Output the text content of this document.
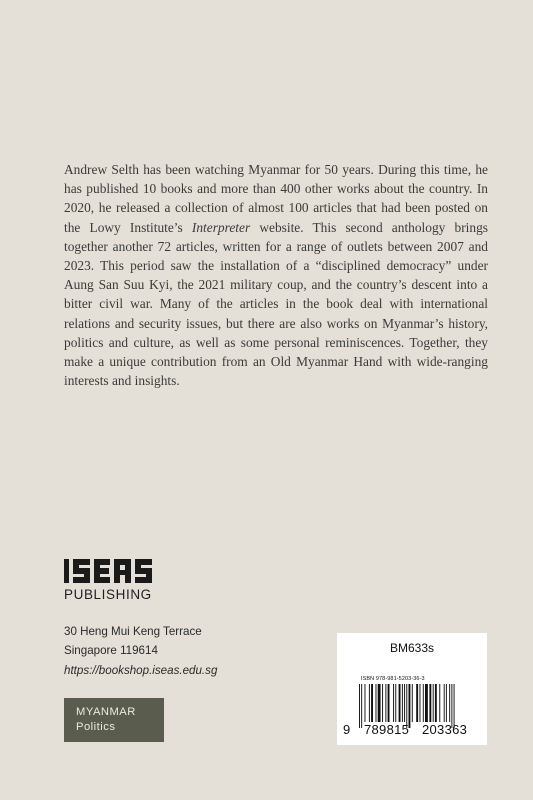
Andrew Selth has been watching Myanmar for 50 years. During this time, he has published 10 books and more than 400 other works about the country. In 2020, he released a collection of almost 100 articles that had been posted on the Lowy Institute’s Interpreter website. This second anthology brings together another 72 articles, written for a range of outlets between 2007 and 2023. This period saw the installation of a “disciplined democracy” under Aung San Suu Kyi, the 2021 military coup, and the country’s descent into a bitter civil war. Many of the articles in the book deal with international relations and security issues, but there are also works on Myanmar’s history, politics and culture, as well as some personal reminiscences. Together, they make a unique contribution from an Old Myanmar Hand with wide-ranging interests and insights.

PUBLISHING
30 Heng Mui Keng Terrace
Singapore 119614
https://bookshop.iseas.edu.sg
MYANMAR
Politics
BM633s
ISBN 978-981-5203-36-3
9 789815 203363
